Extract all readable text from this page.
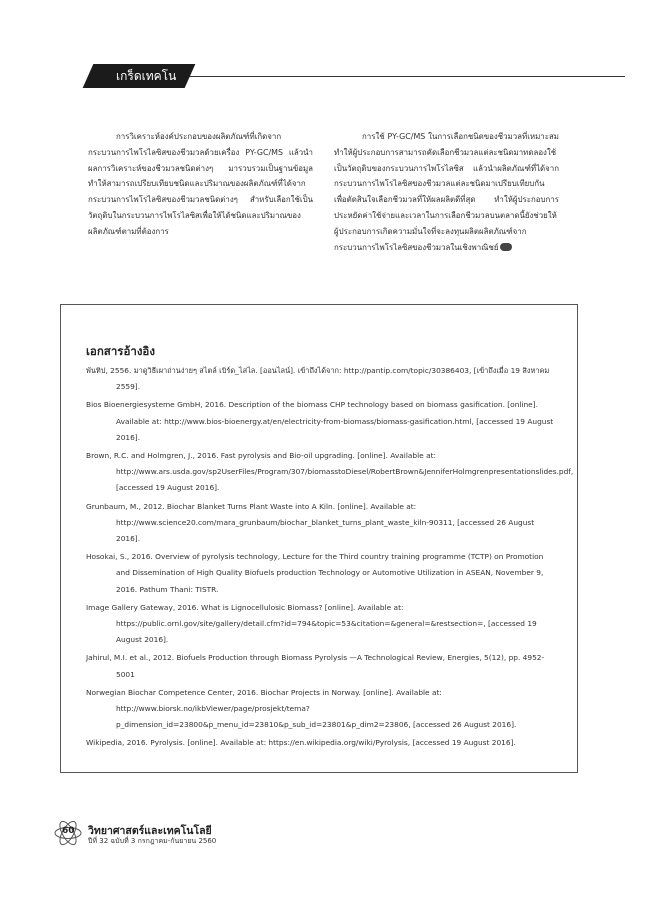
เกร็ดเทคโน

การวิเคราะห์องค์ประกอบของผลิตภัณฑ์ที่เกิดจากกระบวนการไพโรไลซิสของชีวมวลด้วยเครื่อง PY-GC/MS แล้วนำผลการวิเคราะห์ของชีวมวลชนิดต่างๆ มารวบรวมเป็นฐานข้อมูล ทำให้สามารถเปรียบเทียบชนิดและปริมาณของผลิตภัณฑ์ที่ได้จากกระบวนการไพโรไลซิสของชีวมวลชนิดต่างๆ สำหรับเลือกใช้เป็นวัตถุดิบในกระบวนการไพโรไลซิสเพื่อให้ได้ชนิดและปริมาณของผลิตภัณฑ์ตามที่ต้องการ

การใช้ PY-GC/MS ในการเลือกชนิดของชีวมวลที่เหมาะสมทำให้ผู้ประกอบการสามารถคัดเลือกชีวมวลแต่ละชนิดมาทดลองใช้เป็นวัตถุดิบของกระบวนการไพโรไลซิส แล้วนำผลิตภัณฑ์ที่ได้จากกระบวนการไพโรไลซิสของชีวมวลแต่ละชนิดมาเปรียบเทียบกัน เพื่อตัดสินใจเลือกชีวมวลที่ให้ผลผลิตดีที่สุด ทำให้ผู้ประกอบการประหยัดค่าใช้จ่ายและเวลาในการเลือกชีวมวลบนตลาดนี้ยังช่วยให้ผู้ประกอบการเกิดความมั่นใจที่จะลงทุนผลิตผลิตภัณฑ์จากกระบวนการไพโรไลซิสของชีวมวลในเชิงพาณิชย์

เอกสารอ้างอิง

พันทิป, 2556. มาดูวิธีเผาถ่านง่ายๆ สไตล์ เบิร์ด_ไสไล. [ออนไลน์]. เข้าถึงได้จาก: http://pantip.com/topic/30386403, [เข้าถึงเมื่อ 19 สิงหาคม 2559].

Bios Bioenergiesysteme GmbH, 2016. Description of the biomass CHP technology based on biomass gasification. [online]. Available at: http://www.bios-bioenergy.at/en/electricity-from-biomass/biomass-gasification.html, [accessed 19 August 2016].

Brown, R.C. and Holmgren, J., 2016. Fast pyrolysis and Bio-oil upgrading. [online]. Available at: http://www.ars.usda.gov/sp2UserFiles/Program/307/biomasstoDiesel/RobertBrown&JenniferHolmgrenpresentationslides.pdf, [accessed 19 August 2016].

Grunbaum, M., 2012. Biochar Blanket Turns Plant Waste into A Kiln. [online]. Available at: http://www.science20.com/mara_grunbaum/biochar_blanket_turns_plant_waste_kiln-90311, [accessed 26 August 2016].

Hosokai, S., 2016. Overview of pyrolysis technology, Lecture for the Third country training programme (TCTP) on Promotion and Dissemination of High Quality Biofuels production Technology or Automotive Utilization in ASEAN, November 9, 2016. Pathum Thani: TISTR.

Image Gallery Gateway, 2016. What is Lignocellulosic Biomass? [online]. Available at: https://public.ornl.gov/site/gallery/detail.cfm?id=794&topic=53&citation=&general=&restsection=, [accessed 19 August 2016].

Jahirul, M.I. et al., 2012. Biofuels Production through Biomass Pyrolysis —A Technological Review, Energies, 5(12), pp. 4952-5001

Norwegian Biochar Competence Center, 2016. Biochar Projects in Norway. [online]. Available at: http://www.biorsk.no/ikbViewer/page/prosjekt/tema?p_dimension_id=23800&p_menu_id=23810&p_sub_id=23801&p_dim2=23806, [accessed 26 August 2016].

Wikipedia, 2016. Pyrolysis. [online]. Available at: https://en.wikipedia.org/wiki/Pyrolysis, [accessed 19 August 2016].

60 วิทยาศาสตร์และเทคโนโลยี
ปีที่ 32 ฉบับที่ 3 กรกฎาคม-กันยายน 2560
